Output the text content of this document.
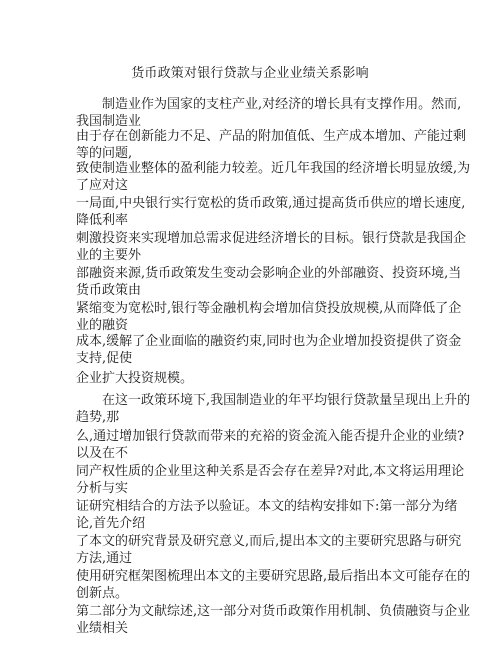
货币政策对银行贷款与企业业绩关系影响
制造业作为国家的支柱产业,对经济的增长具有支撑作用。然而,
我国制造业
由于存在创新能力不足、产品的附加值低、生产成本增加、产能过剩
等的问题,
致使制造业整体的盈利能力较差。近几年我国的经济增长明显放缓,为
了应对这
一局面,中央银行实行宽松的货币政策,通过提高货币供应的增长速度,
降低利率
刺激投资来实现增加总需求促进经济增长的目标。银行贷款是我国企
业的主要外
部融资来源,货币政策发生变动会影响企业的外部融资、投资环境,当
货币政策由
紧缩变为宽松时,银行等金融机构会增加信贷投放规模,从而降低了企
业的融资
成本,缓解了企业面临的融资约束,同时也为企业增加投资提供了资金
支持,促使
企业扩大投资规模。
在这一政策环境下,我国制造业的年平均银行贷款量呈现出上升的
趋势,那
么,通过增加银行贷款而带来的充裕的资金流入能否提升企业的业绩?
以及在不
同产权性质的企业里这种关系是否会存在差异?对此,本文将运用理论
分析与实
证研究相结合的方法予以验证。本文的结构安排如下:第一部分为绪
论,首先介绍
了本文的研究背景及研究意义,而后,提出本文的主要研究思路与研究
方法,通过
使用研究框架图梳理出本文的主要研究思路,最后指出本文可能存在的
创新点。
第二部分为文献综述,这一部分对货币政策作用机制、负债融资与企业
业绩相关
